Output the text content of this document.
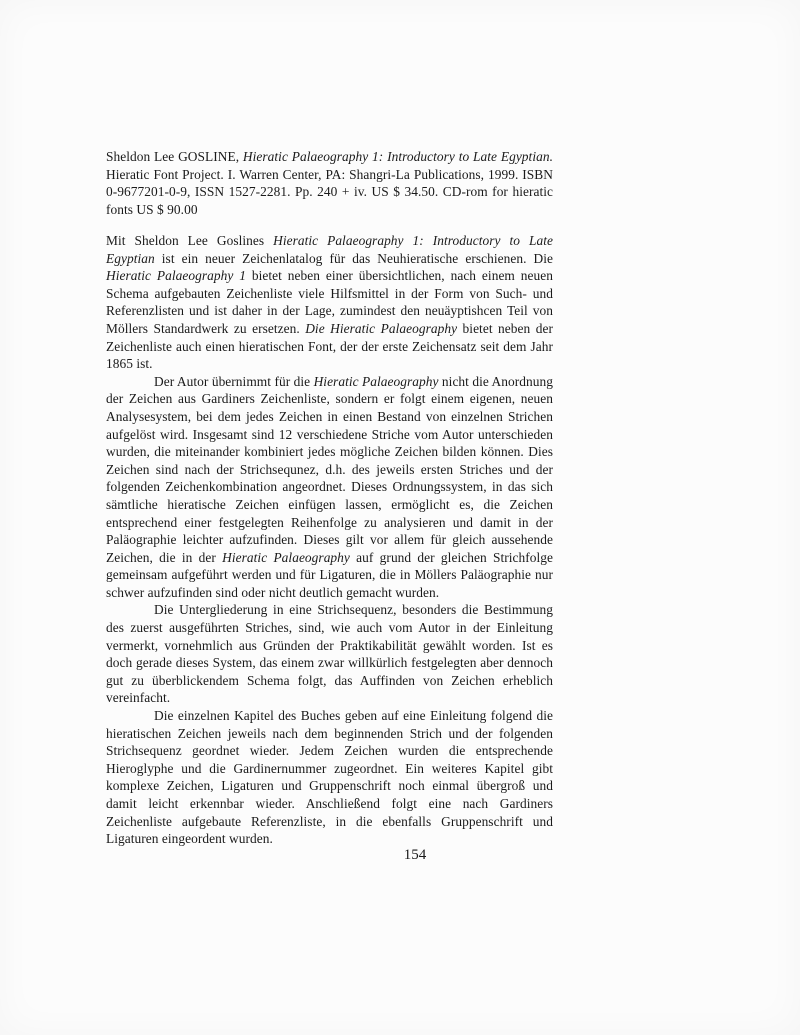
Sheldon Lee GOSLINE, Hieratic Palaeography 1: Introductory to Late Egyptian. Hieratic Font Project. I. Warren Center, PA: Shangri-La Publications, 1999. ISBN 0-9677201-0-9, ISSN 1527-2281. Pp. 240 + iv. US $ 34.50. CD-rom for hieratic fonts US $ 90.00

Mit Sheldon Lee Goslines Hieratic Palaeography 1: Introductory to Late Egyptian ist ein neuer Zeichenlatalog für das Neuhieratische erschienen. Die Hieratic Palaeography 1 bietet neben einer übersichtlichen, nach einem neuen Schema aufgebauten Zeichenliste viele Hilfsmittel in der Form von Such- und Referenzlisten und ist daher in der Lage, zumindest den neuäyptishcen Teil von Möllers Standardwerk zu ersetzen. Die Hieratic Palaeography bietet neben der Zeichenliste auch einen hieratischen Font, der der erste Zeichensatz seit dem Jahr 1865 ist.

Der Autor übernimmt für die Hieratic Palaeography nicht die Anordnung der Zeichen aus Gardiners Zeichenliste, sondern er folgt einem eigenen, neuen Analysesystem, bei dem jedes Zeichen in einen Bestand von einzelnen Strichen aufgelöst wird. Insgesamt sind 12 verschiedene Striche vom Autor unterschieden wurden, die miteinander kombiniert jedes mögliche Zeichen bilden können. Dies Zeichen sind nach der Strichsequnez, d.h. des jeweils ersten Striches und der folgenden Zeichenkombination angeordnet. Dieses Ordnungssystem, in das sich sämtliche hieratische Zeichen einfügen lassen, ermöglicht es, die Zeichen entsprechend einer festgelegten Reihenfolge zu analysieren und damit in der Paläographie leichter aufzufinden. Dieses gilt vor allem für gleich aussehende Zeichen, die in der Hieratic Palaeography auf grund der gleichen Strichfolge gemeinsam aufgeführt werden und für Ligaturen, die in Möllers Paläographie nur schwer aufzufinden sind oder nicht deutlich gemacht wurden.

Die Untergliederung in eine Strichsequenz, besonders die Bestimmung des zuerst ausgeführten Striches, sind, wie auch vom Autor in der Einleitung vermerkt, vornehmlich aus Gründen der Praktikabilität gewählt worden. Ist es doch gerade dieses System, das einem zwar willkürlich festgelegten aber dennoch gut zu überblickendem Schema folgt, das Auffinden von Zeichen erheblich vereinfacht.

Die einzelnen Kapitel des Buches geben auf eine Einleitung folgend die hieratischen Zeichen jeweils nach dem beginnenden Strich und der folgenden Strichsequenz geordnet wieder. Jedem Zeichen wurden die entsprechende Hieroglyphe und die Gardinernummer zugeordnet. Ein weiteres Kapitel gibt komplexe Zeichen, Ligaturen und Gruppenschrift noch einmal übergroß und damit leicht erkennbar wieder. Anschließend folgt eine nach Gardiners Zeichenliste aufgebaute Referenzliste, in die ebenfalls Gruppenschrift und Ligaturen eingeordent wurden.

154
